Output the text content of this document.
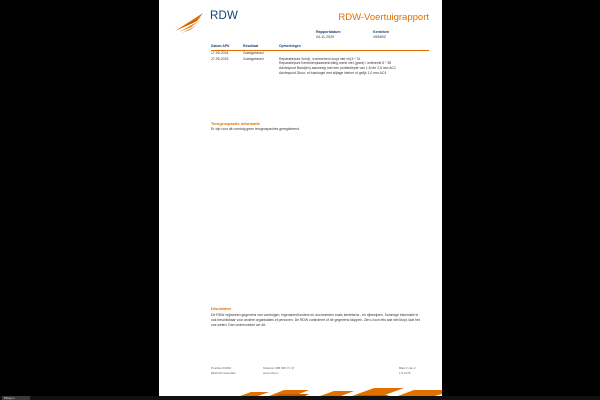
RDW	RDW-Voertuigrapport
Rapportdatum
04-11-2025
Kenteken
V694BZ
Datum APK	Resultaat	Opmerkingen
17-09-2024	Goedgekeurd
27-09-2023	Goedgekeurd	Reparatiepunt Schijf-, trommelrem loopt niet vrij 5 * 31
Reparatiepunt Kentekenplaatverlichting werkt niet (goed) / ontbreekt 5 * 35
Adviespunt Band(en) aanwezig met een profieldiepte van 1,6 t/m 2,5 mm AC1
Adviespunt Stuur- of fusekogel met slijtage kleiner of gelijk 1,0 mm AC4
Terugroepactie informatie
Er zijn voor dit voertuig geen terugroepacties geregistreerd
Disclaimer
De RDW registreert gegevens van voertuigen, eigenaren/houders en documenten zoals kentekens - en rijbewijzen. Sommige informatie is ook beschikbaar voor andere organisaties of personen. De RDW controleert of de gegevens kloppen. Ziet u toch iets wat niet klopt, laat het ons weten. Dan onderzoeken we dit.
Postbus 30000
9640 RA Veendam
Telefoon 088 008 71 47
www.rdw.nl
Blad 2 van 2
1.5.1076
Bijlagen
